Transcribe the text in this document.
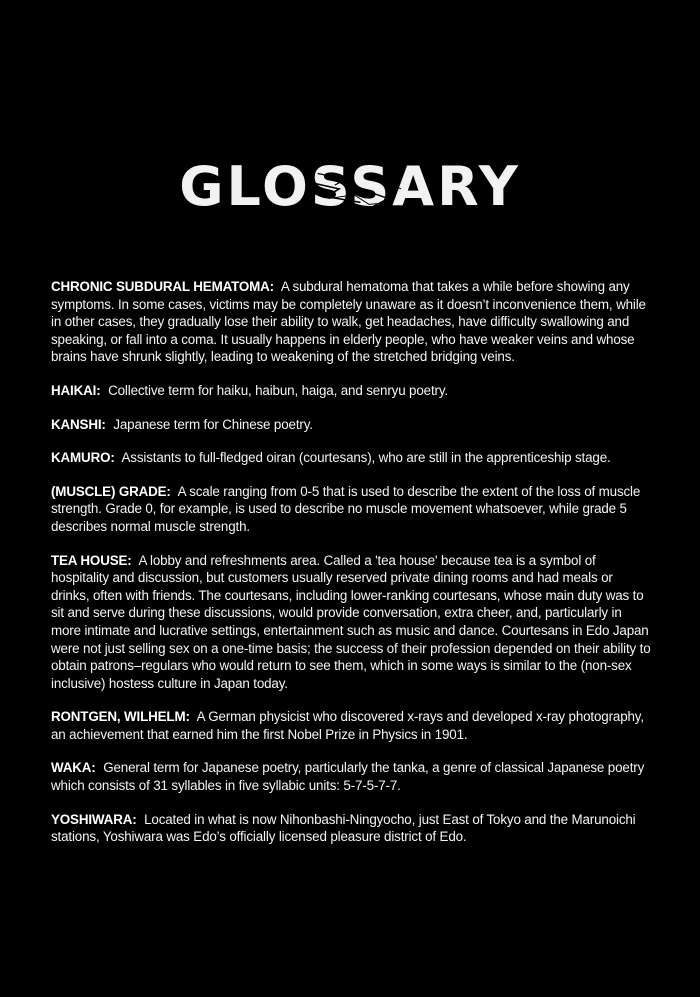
GLOSSARY

CHRONIC SUBDURAL HEMATOMA: A subdural hematoma that takes a while before showing any symptoms. In some cases, victims may be completely unaware as it doesn’t inconvenience them, while in other cases, they gradually lose their ability to walk, get headaches, have difficulty swallowing and speaking, or fall into a coma. It usually happens in elderly people, who have weaker veins and whose brains have shrunk slightly, leading to weakening of the stretched bridging veins.

HAIKAI: Collective term for haiku, haibun, haiga, and senryu poetry.

KANSHI: Japanese term for Chinese poetry.

KAMURO: Assistants to full-fledged oiran (courtesans), who are still in the apprenticeship stage.

(MUSCLE) GRADE: A scale ranging from 0-5 that is used to describe the extent of the loss of muscle strength. Grade 0, for example, is used to describe no muscle movement whatsoever, while grade 5 describes normal muscle strength.

TEA HOUSE: A lobby and refreshments area. Called a 'tea house' because tea is a symbol of hospitality and discussion, but customers usually reserved private dining rooms and had meals or drinks, often with friends. The courtesans, including lower-ranking courtesans, whose main duty was to sit and serve during these discussions, would provide conversation, extra cheer, and, particularly in more intimate and lucrative settings, entertainment such as music and dance. Courtesans in Edo Japan were not just selling sex on a one-time basis; the success of their profession depended on their ability to obtain patrons–regulars who would return to see them, which in some ways is similar to the (non-sex inclusive) hostess culture in Japan today.

RONTGEN, WILHELM: A German physicist who discovered x-rays and developed x-ray photography, an achievement that earned him the first Nobel Prize in Physics in 1901.

WAKA: General term for Japanese poetry, particularly the tanka, a genre of classical Japanese poetry which consists of 31 syllables in five syllabic units: 5-7-5-7-7.

YOSHIWARA: Located in what is now Nihonbashi-Ningyocho, just East of Tokyo and the Marunoichi stations, Yoshiwara was Edo’s officially licensed pleasure district of Edo.
